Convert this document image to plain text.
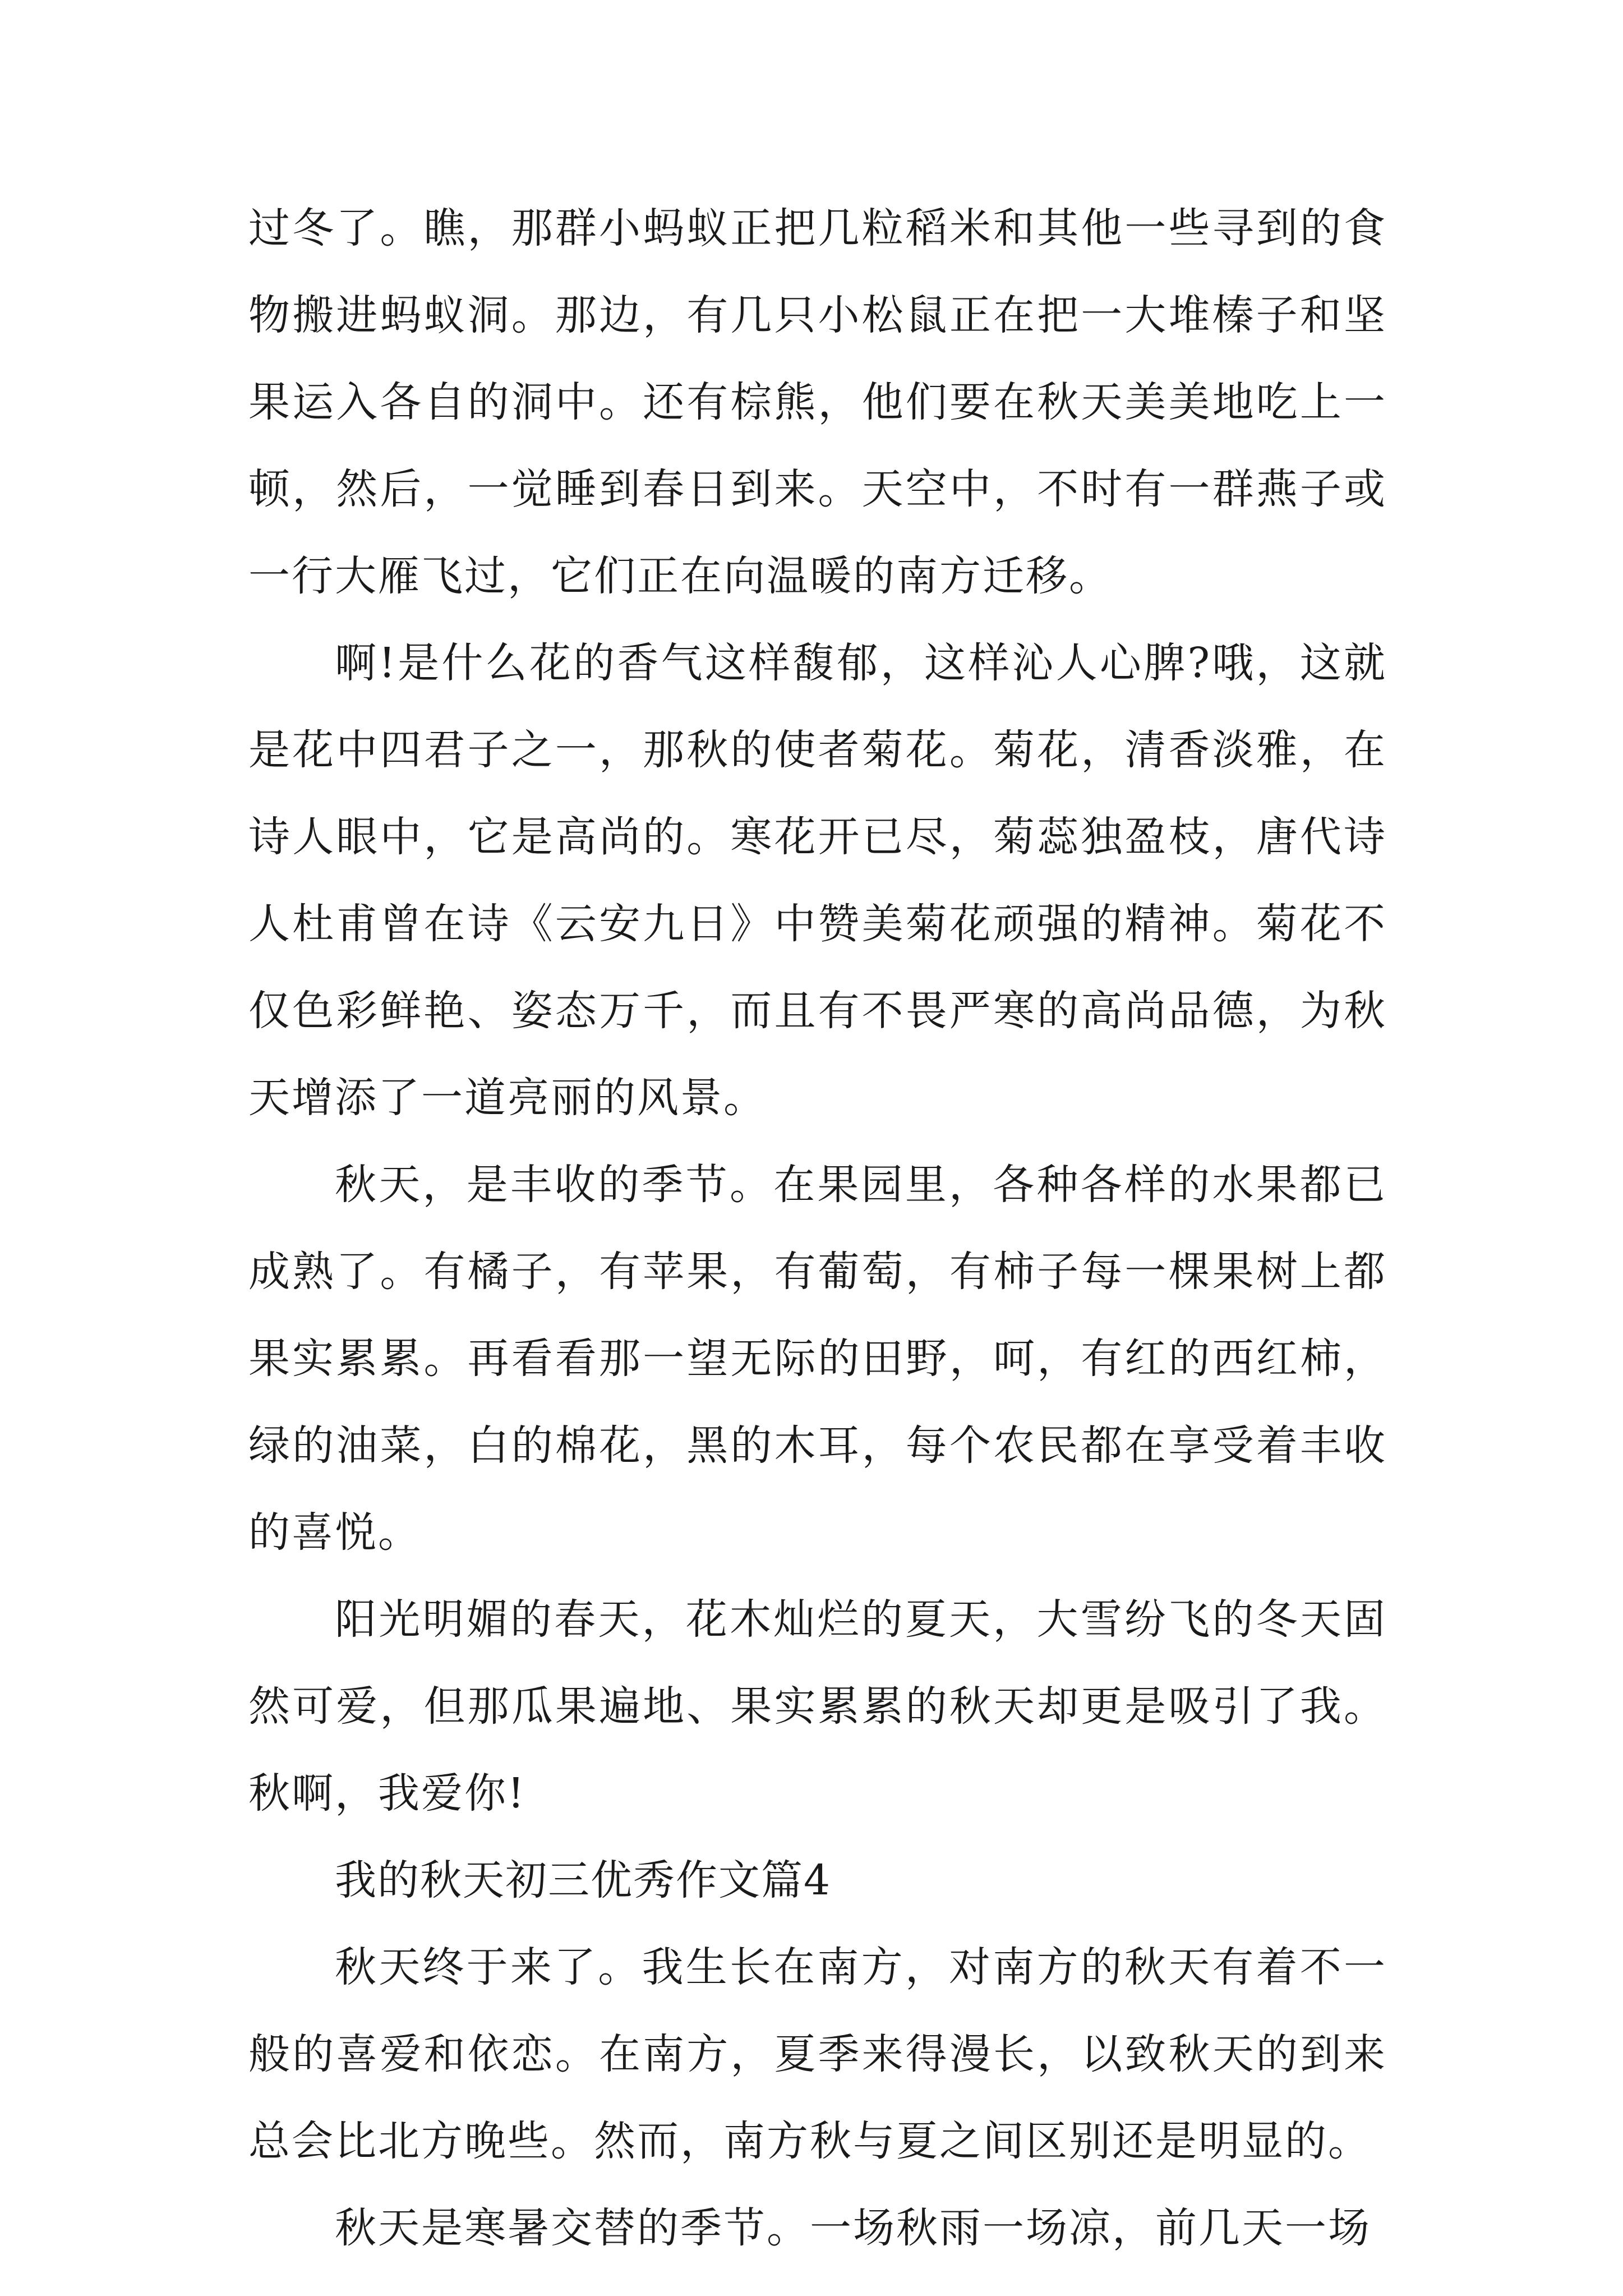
过冬了。瞧，那群小蚂蚁正把几粒稻米和其他一些寻到的食物搬进蚂蚁洞。那边，有几只小松鼠正在把一大堆榛子和坚果运入各自的洞中。还有棕熊，他们要在秋天美美地吃上一顿，然后，一觉睡到春日到来。天空中，不时有一群燕子或一行大雁飞过，它们正在向温暖的南方迁移。

啊!是什么花的香气这样馥郁，这样沁人心脾?哦，这就是花中四君子之一，那秋的使者菊花。菊花，清香淡雅，在诗人眼中，它是高尚的。寒花开已尽，菊蕊独盈枝，唐代诗人杜甫曾在诗《云安九日》中赞美菊花顽强的精神。菊花不仅色彩鲜艳、姿态万千，而且有不畏严寒的高尚品德，为秋天增添了一道亮丽的风景。

秋天，是丰收的季节。在果园里，各种各样的水果都已成熟了。有橘子，有苹果，有葡萄，有柿子每一棵果树上都果实累累。再看看那一望无际的田野，呵，有红的西红柿，绿的油菜，白的棉花，黑的木耳，每个农民都在享受着丰收的喜悦。

阳光明媚的春天，花木灿烂的夏天，大雪纷飞的冬天固然可爱，但那瓜果遍地、果实累累的秋天却更是吸引了我。秋啊，我爱你!

我的秋天初三优秀作文篇4

秋天终于来了。我生长在南方，对南方的秋天有着不一般的喜爱和依恋。在南方，夏季来得漫长，以致秋天的到来总会比北方晚些。然而，南方秋与夏之间区别还是明显的。

秋天是寒暑交替的季节。一场秋雨一场凉，前几天一场
